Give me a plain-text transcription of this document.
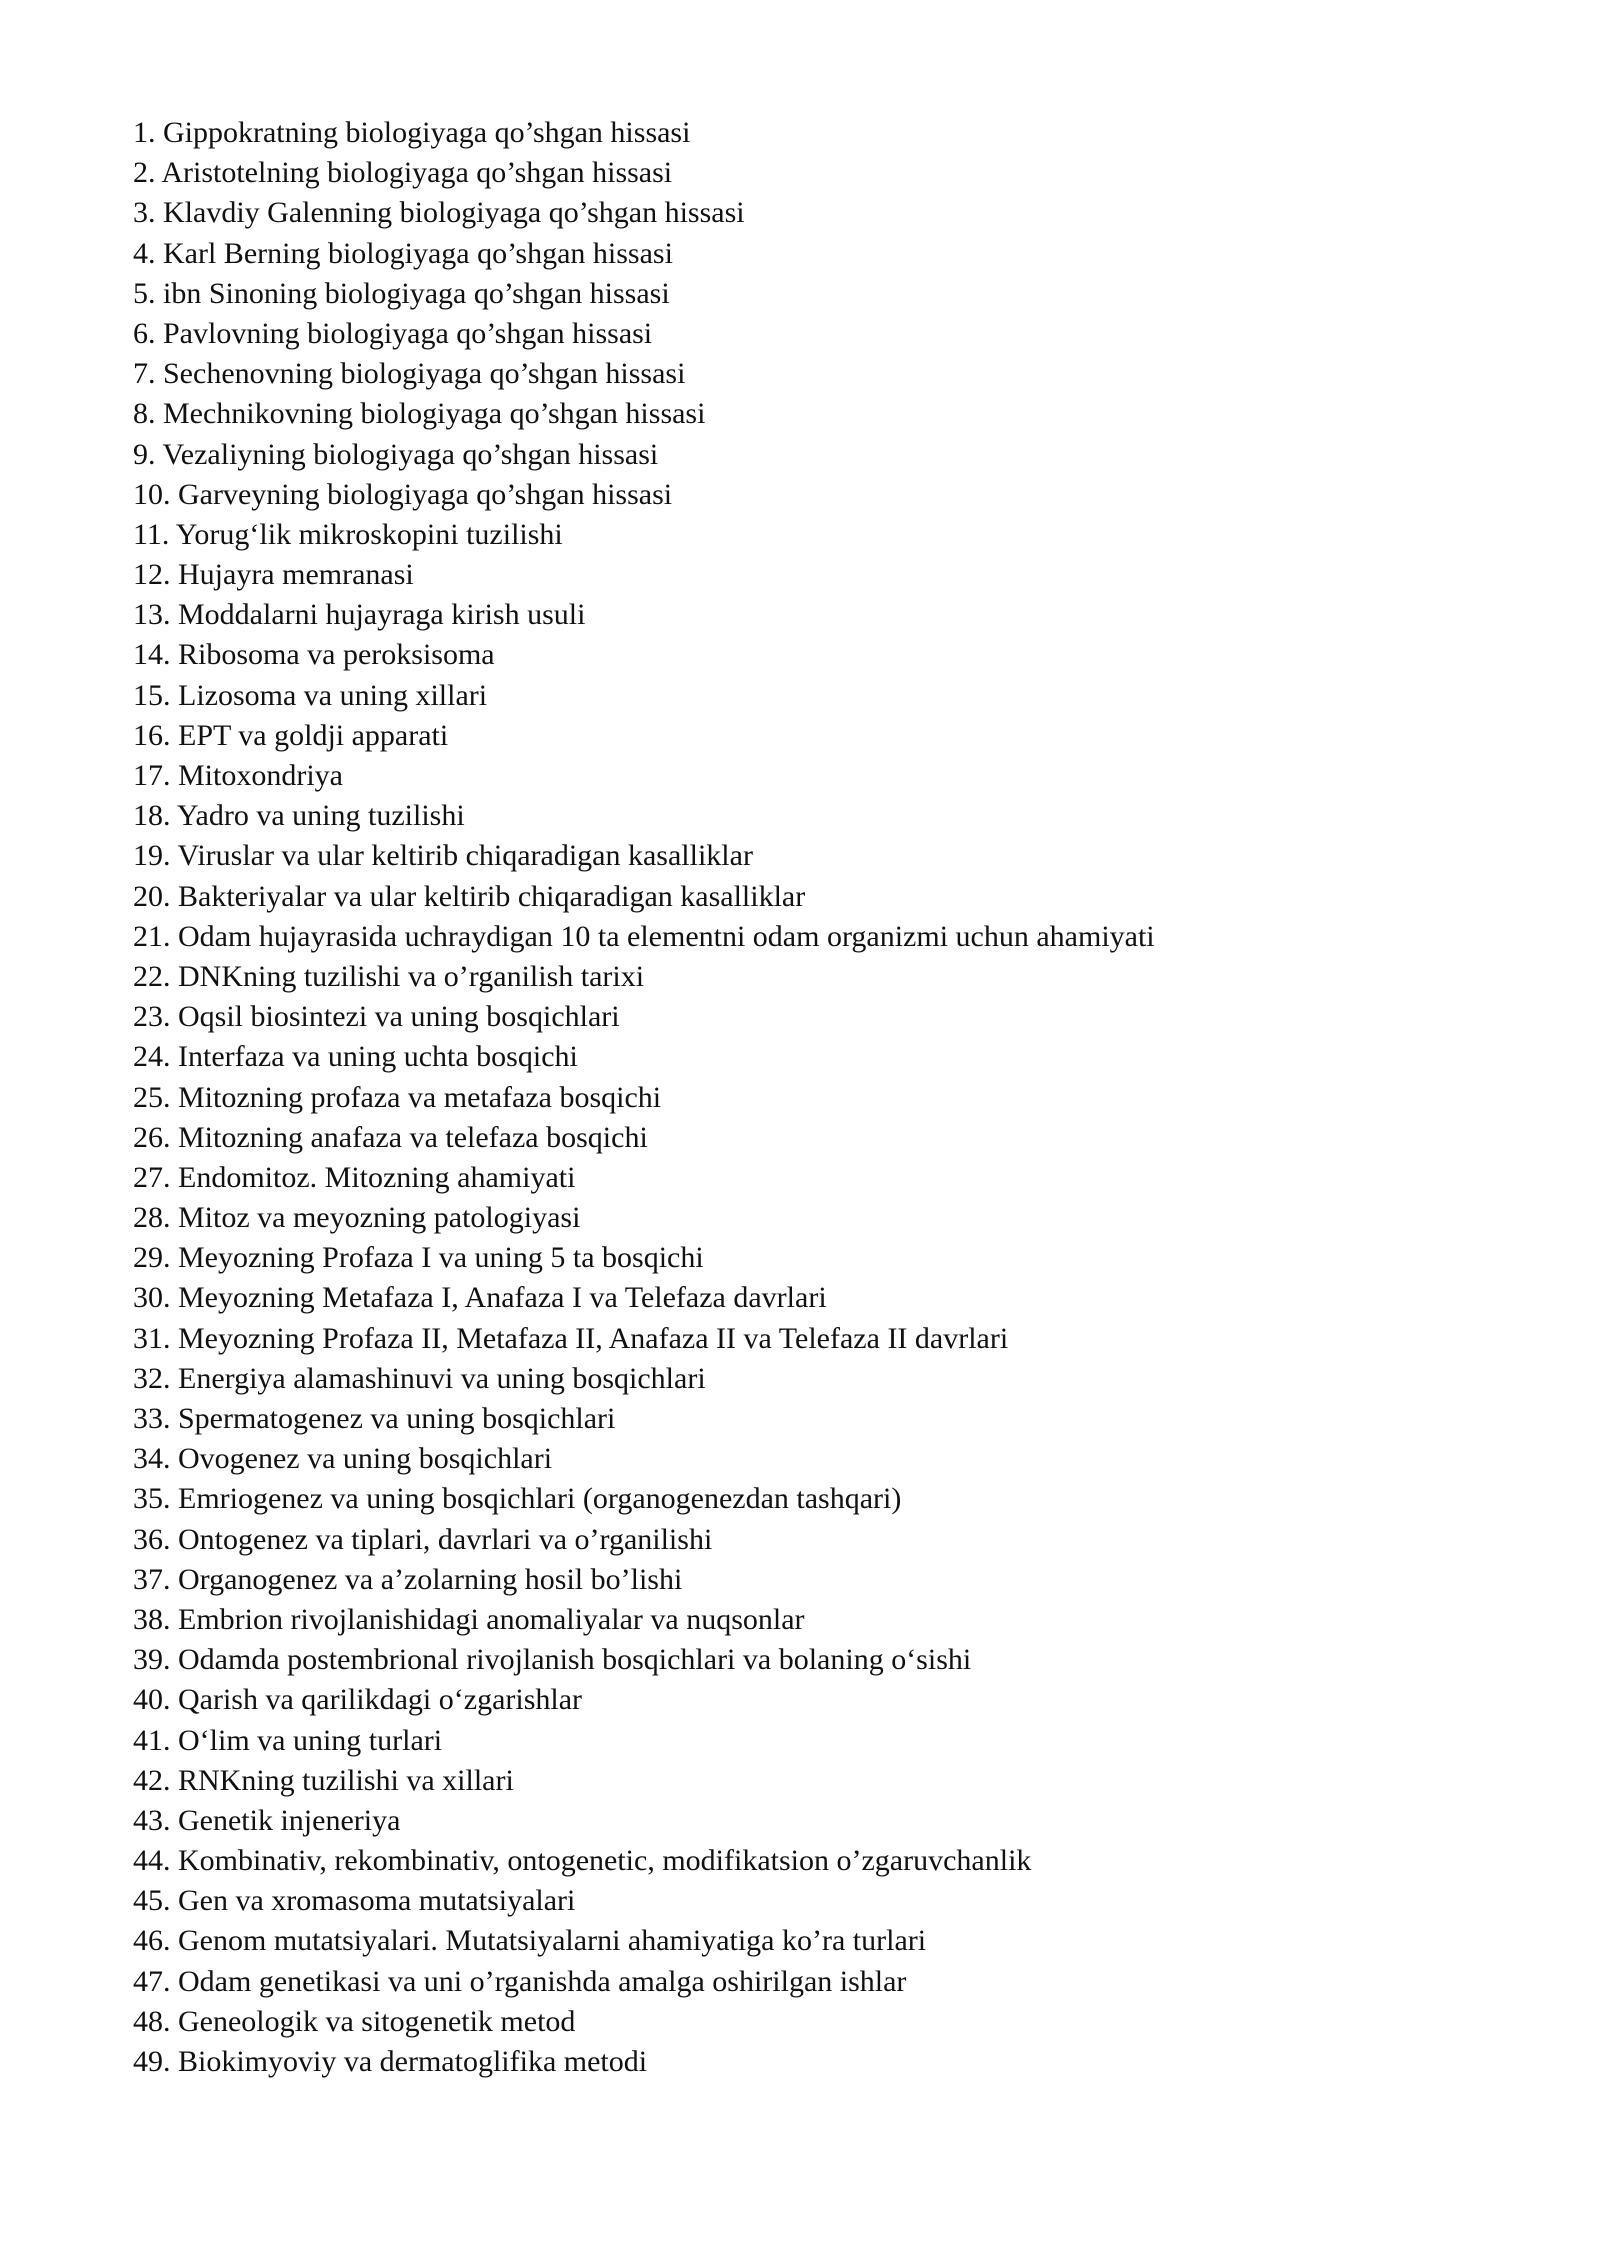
1. Gippokratning biologiyaga qo’shgan hissasi
2. Aristotelning biologiyaga qo’shgan hissasi
3. Klavdiy Galenning biologiyaga qo’shgan hissasi
4. Karl Berning biologiyaga qo’shgan hissasi
5. ibn Sinoning biologiyaga qo’shgan hissasi
6. Pavlovning biologiyaga qo’shgan hissasi
7. Sechenovning biologiyaga qo’shgan hissasi
8. Mechnikovning biologiyaga qo’shgan hissasi
9. Vezaliyning biologiyaga qo’shgan hissasi
10. Garveyning biologiyaga qo’shgan hissasi
11. Yorug‘lik mikroskopini tuzilishi
12. Hujayra memranasi
13. Moddalarni hujayraga kirish usuli
14. Ribosoma va peroksisoma
15. Lizosoma va uning xillari
16. EPT va goldji apparati
17. Mitoxondriya
18. Yadro va uning tuzilishi
19. Viruslar va ular keltirib chiqaradigan kasalliklar
20. Bakteriyalar va ular keltirib chiqaradigan kasalliklar
21. Odam hujayrasida uchraydigan 10 ta elementni odam organizmi uchun ahamiyati
22. DNKning tuzilishi va o’rganilish tarixi
23. Oqsil biosintezi va uning bosqichlari
24. Interfaza va uning uchta bosqichi
25. Mitozning profaza va metafaza bosqichi
26. Mitozning anafaza va telefaza bosqichi
27. Endomitoz. Mitozning ahamiyati
28. Mitoz va meyozning patologiyasi
29. Meyozning Profaza I va uning 5 ta bosqichi
30. Meyozning Metafaza I, Anafaza I va Telefaza davrlari
31. Meyozning Profaza II, Metafaza II, Anafaza II va Telefaza II davrlari
32. Energiya alamashinuvi va uning bosqichlari
33. Spermatogenez va uning bosqichlari
34. Ovogenez va uning bosqichlari
35. Emriogenez va uning bosqichlari (organogenezdan tashqari)
36. Ontogenez va tiplari, davrlari va o’rganilishi
37. Organogenez va a’zolarning hosil bo’lishi
38. Embrion rivojlanishidagi anomaliyalar va nuqsonlar
39. Odamda postembrional rivojlanish bosqichlari va bolaning o‘sishi
40. Qarish va qarilikdagi o‘zgarishlar
41. O‘lim va uning turlari
42. RNKning tuzilishi va xillari
43. Genetik injeneriya
44. Kombinativ, rekombinativ, ontogenetic, modifikatsion o’zgaruvchanlik
45. Gen va xromasoma mutatsiyalari
46. Genom mutatsiyalari. Mutatsiyalarni ahamiyatiga ko’ra turlari
47. Odam genetikasi va uni o’rganishda amalga oshirilgan ishlar
48. Geneologik va sitogenetik metod
49. Biokimyoviy va dermatoglifika metodi
